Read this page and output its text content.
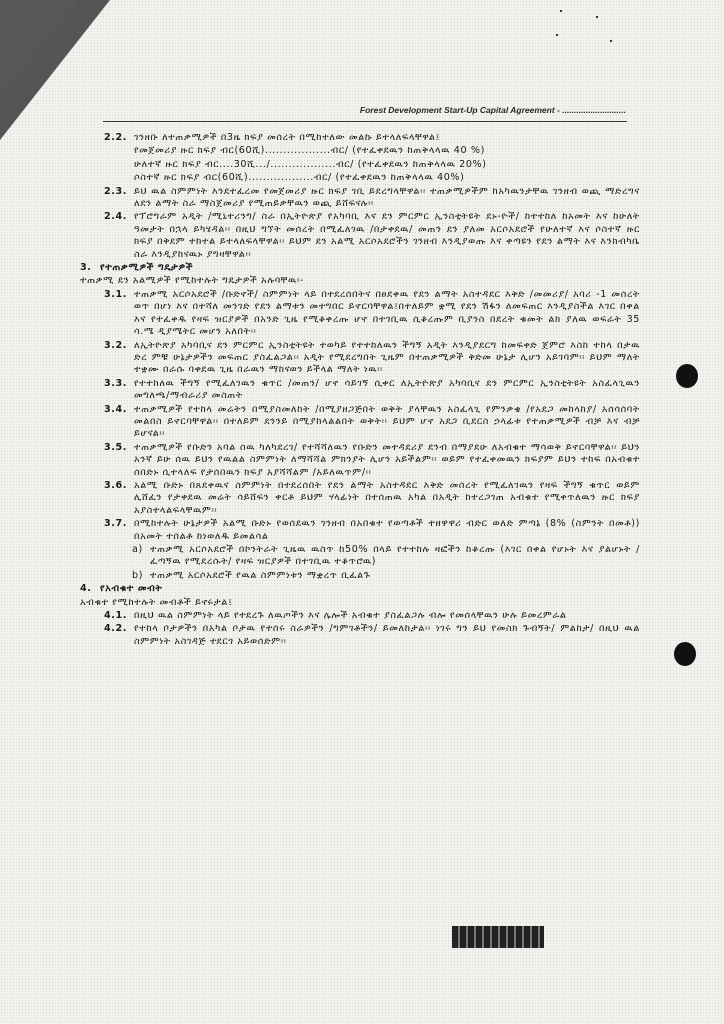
Forest Development Start-Up Capital Agreement - ...........................
2.2. ገንዘቡ ለተጠቃሚዎች በ3ዜ ክፍያ መሰረት በሚከተለው መልኩ ይተላለፍላቸዋል፤
የመጀመሪያ ዙር ክፍያ ብር(60ሺ)..................ብር/ (የተፈቀደዉን ከጠቅላላዉ 40 %)
ሁለተኛ ዙር ክፍያ ብር....30ሺ.../..................ብር/ (የተፈቀደዉን ከጠቅላላዉ 20%)
ሶስተኛ ዙር ክፍያ ብር(60ሺ)..................ብር/ (የተፈቀደዉን ከጠቅላላዉ 40%)
2.3. ይህ ዉል ስምምነት እንደተፈረመ የመጀመሪያ ዙር ክፍያ ገቢ ይደረግላቸዋል፡፡ ተጠቃሚዎችም ከአካዉንታቸዉ ገንዘብ ወጪ ማድረግና ለደን ልማት ስራ ማስጀመሪያ የሚጠይቃቸዉን ወጪ ይሸፍናሉ፡፡
2.4. የፕሮግራም አዲት /ሚኒተሪንግ/ ስራ በኢትዮጵያ የአካባቢ እና ደን ምርምር ኢንስቲትዩት ደኑ-ዮች/ ከተተከለ ከአመት እና ከሁለት ዓመታት በኋላ ይካሄዳል፡፡ በዚህ ግኘት መሰረት በሚፈለገዉ /በታቀደዉ/ መጠን ደን ያለመ አርሶአደሮች የሁለተኛ እና ሶስተኛ ዙር ክፍያ በቅደም ተከተል ይተላለፍላቸዋል፡፡ ይህም ደን አልሚ አርሶአደሮችን ገንዘብ እንዲያወጡ እና ቀጣዩን የደን ልማት እና እንክብካቤ ስራ እንዲያከናዉኑ ያግዛቸዋል፡፡
3. የተጠቃሚዎች ግዴታዎች
ተጠቃሚ ደን አልሚዎች የሚከተሉት ግዴታዎች አሉባቸዉ፡-
3.1. ተጠቃሚ አርሶአደሮች /ቡድኖች/ ስምምነት ላይ በተደረሰበትና በፀደቀዉ የደን ልማት አስተዳደር እቅድ /መመሪያ/ አባሪ -1 መሰረት ወጥ በሆነ እና በተሻለ መንገድ የደን ልማቱን መተግበር ይኖርባቸዋል፤በተለይም ቋሚ የደን ሽፋን ለመፍጠር እንዲያስችል እገር በቀል እና የተፈቀዱ የዛፍ ዝርያዎች በአንድ ጊዜ የሚቆቀረጡ ሆኖ በተገቢዉ ሲቆረጡም ቢያንስ በደረት ቁመት ልክ ያለዉ ወፍራት 35 ሳ.ሜ ዲያሜትር መሆን አለበት፡፡
3.2. ለኢትዮጵያ አካባቢና ደን ምርምር ኢንስቲትዩት ተወካይ የተተከለዉን ችግኝ አዲት እንዲያደርግ ከመፍቀድ ጀምሮ እስከ ተከላ በታዉ ድረ ምቹ ሁኔታዎችን መፍጠር ያስፈልጋል፡፡ አዲት የሚደረግበት ጊዜም በተጠቃሚዎች ቅድመ ሁኔታ ሊሆን አይገባም፡፡ ይህም ማለት ተቋሙ በራሱ ባቀደዉ ጊዜ በራዉን ማከናወን ይችላል ማለት ነዉ፡፡
3.3. የተተከለዉ ችግኝ የሚፈለገዉን ቁጥር /መጠን/ ሆኖ ሳይገኝ ሲቀር ለኢትዮጵያ አካባቢና ደን ምርምር ኢንስቲትዩት አስፈላጊዉን መግለጫ/ማብራሪያ መስጠት
3.4. ተጠቃሚዎች የተከላ መሬትን በሚያስመለከት /በሚያዘጋጅበት ወቅት ያላቸዉን አስፈላጊ የምንቃቄ /የአደጋ መከላከያ/ አሰሳሰባት መልበስ ይኖርባቸዋል፡፡ በተለይም ደንንይ በሚያከላልልበት ወቅት፡፡ ይህም ሆኖ አደጋ ቢደርስ ኃላፊቱ የተጠቃሚዎች ብቻ እና ብቻ ይሆናል፡፡
3.5. ተጠቃሚዎች የቡድን አባል ሰዉ ካለካደረገ/ የተሻሻለዉን የቡድን መተዳደሪያ ደንብ በማያደሁ ለአብቁተ ማሳወቅ ይኖርባቸዋል፡፡ ይህን አንኛ ይሁ ሰዉ ይህን የዉልል ስምምነት ለማሻሻል ምክንያት ሊሆን አይችልም፡፡ ወይም የተፈቀመዉን ክፍያም ይህን ተከፍ በአብቁተ ሰበድኑ ሲተላለፍ የታሰበዉን ክፍያ አያሻሻልም /አይለዉጥም/፡፡
3.6. አልሚ ቡድኑ በጸደቀዉና ስምምነት በተደረሰበት የደን ልማት አስተዳደር እቅድ መሰረት የሚፈለገዉን የዛፍ ችግኝ ቁጥር ወይም ሊሸፈን የታቀደዉ መሬት ሳይሸፍን ቀርቶ ይህም ሃላፊነት በተሰጠዉ አካል በአዲት ከተረጋገጠ አብቁተ የሚቀጥለዉን ዙር ክፍያ አያስተላልፍላቸዉም፡፡
3.7. በሚከተሉት ሁኔታዎች አልሚ ቡድኑ የወሰደዉን ገንዘብ በአበቁተ የወጣቶች ተዘዋዋሪ ብድር ወለድ ምጣኔ (8% (ስምንት በመቶ)) በአመት ተሰልቶ ከነወለዱ ይመልሳል
a) ተጠቃሚ አርሶአደሮች በኮንትራት ጊዜዉ ዉስጥ ከ50% በላይ የተተከሉ ዛፎችን ከቆረጡ (እገር በቀል የሆኑት እና ያልሆኑት /ፈጣኝዉ የሚደረሱት/ የዛፍ ዝርያዎች በተገቢዉ ተቆጥሮዉ)
b) ተጠቃሚ አርሶአደሮች የዉል ስምምነቱን ማቋረጥ ቢፈልጉ
4. የአብቁተ መብት
አብቁተ የሚከተሉት መብቶች ይኖሩታል፤
4.1. በዚህ ዉል ስምምነት ላይ የተደረጉ ለዉጦችን እና ሌሎች አብቁተ ያስፈልጋሉ ብሎ የመሰላቸዉን ሁሉ ይመረምራል
4.2. የተከላ ቦታዎችን በአካል ቦታዉ የተሰሩ ስራዎችን /ግምገቶችን/ ይመለከታል፡፡ ነገሩ ግን ይህ የመስክ ጉብኝት/ ምልከታ/ በዚህ ዉል ስምምነት አስገዳጅ ተደርጎ አይወሰድም፡፡
